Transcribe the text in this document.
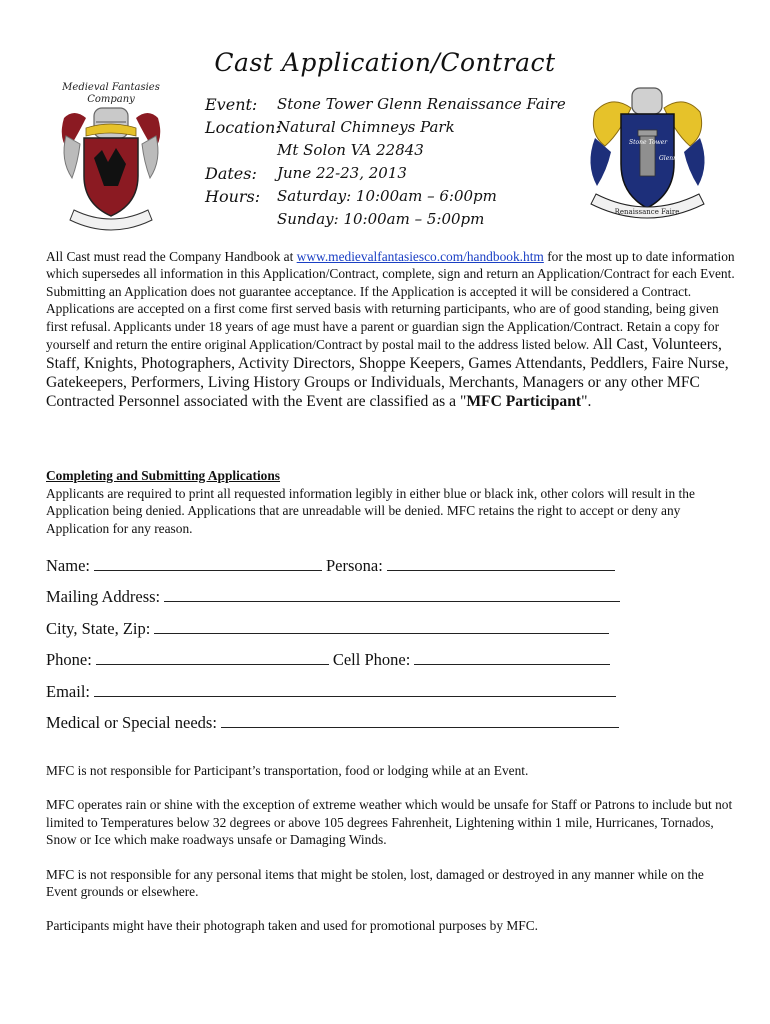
Cast Application/Contract
Medieval Fantasies
Company
Stone Tower
Glenn
Renaissance Faire
Event:	Stone Tower Glenn Renaissance Faire
Location:
Natural Chimneys Park
Mt Solon VA 22843
Dates:	June 22-23, 2013
Hours:	Saturday: 10:00am – 6:00pm
Sunday: 10:00am – 5:00pm
All Cast must read the Company Handbook at www.medievalfantasiesco.com/handbook.htm for the most up to date information which supersedes all information in this Application/Contract, complete, sign and return an Application/Contract for each Event. Submitting an Application does not guarantee acceptance. If the Application is accepted it will be considered a Contract. Applications are accepted on a first come first served basis with returning participants, who are of good standing, being given first refusal. Applicants under 18 years of age must have a parent or guardian sign the Application/Contract. Retain a copy for yourself and return the entire original Application/Contract by postal mail to the address listed below. All Cast, Volunteers, Staff, Knights, Photographers, Activity Directors, Shoppe Keepers, Games Attendants, Peddlers, Faire Nurse, Gatekeepers, Performers, Living History Groups or Individuals, Merchants, Managers or any other MFC Contracted Personnel associated with the Event are classified as a "MFC Participant".
Completing and Submitting Applications
Applicants are required to print all requested information legibly in either blue or black ink, other colors will result in the Application being denied. Applications that are unreadable will be denied. MFC retains the right to accept or deny any Application for any reason.
Name:	Persona:
Mailing Address:
City, State, Zip:
Phone:	Cell Phone:
Email:
Medical or Special needs:

MFC is not responsible for Participant’s transportation, food or lodging while at an Event.

MFC operates rain or shine with the exception of extreme weather which would be unsafe for Staff or Patrons to include but not limited to Temperatures below 32 degrees or above 105 degrees Fahrenheit, Lightening within 1 mile, Hurricanes, Tornados, Snow or Ice which make roadways unsafe or Damaging Winds.

MFC is not responsible for any personal items that might be stolen, lost, damaged or destroyed in any manner while on the Event grounds or elsewhere.

Participants might have their photograph taken and used for promotional purposes by MFC.
